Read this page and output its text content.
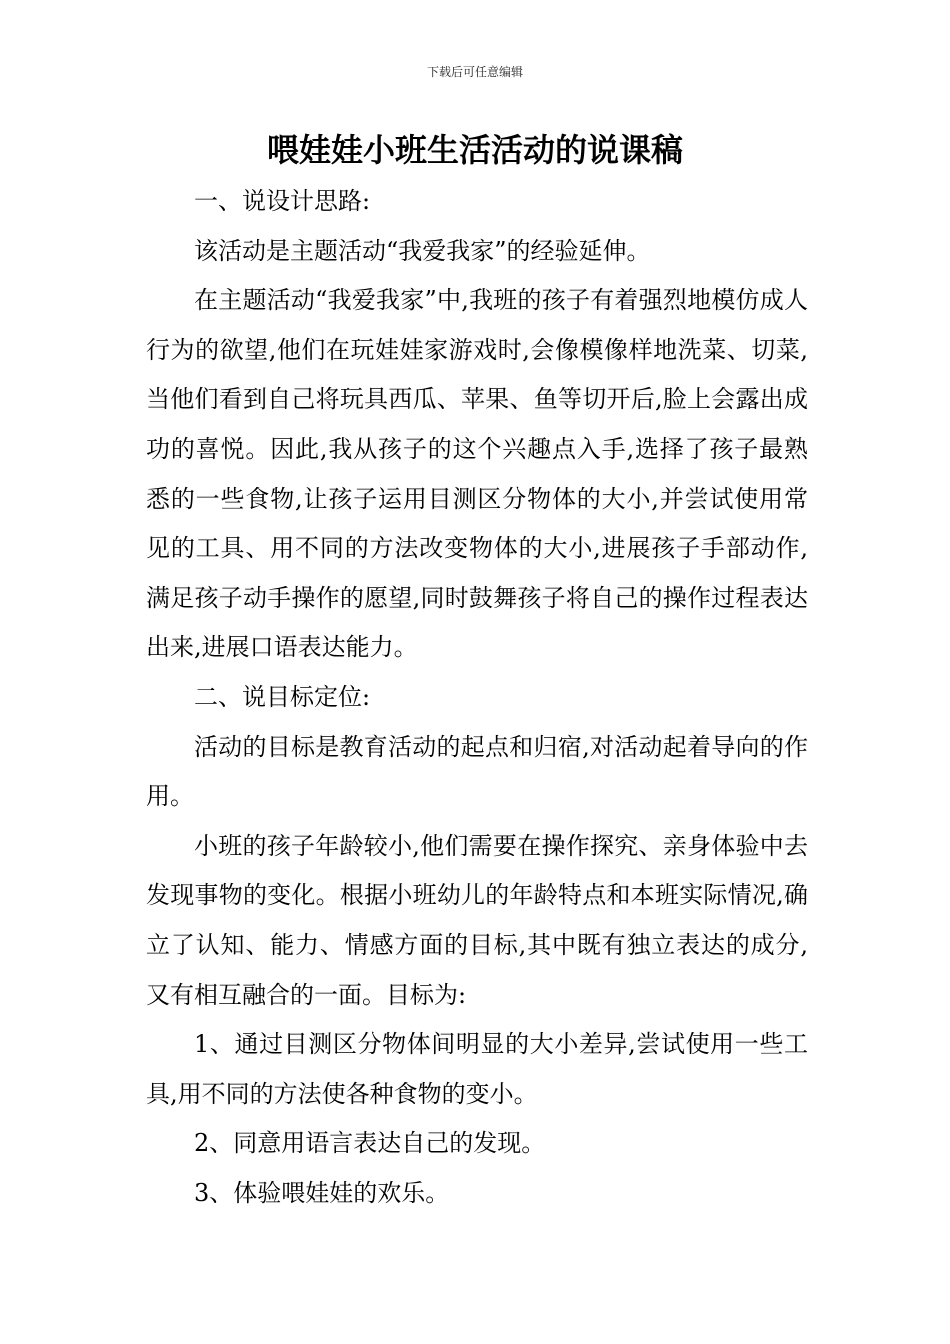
下载后可任意编辑
喂娃娃小班生活活动的说课稿

一、说设计思路:

该活动是主题活动“我爱我家”的经验延伸。

在主题活动“我爱我家”中,我班的孩子有着强烈地模仿成人行为的欲望,他们在玩娃娃家游戏时,会像模像样地洗菜、切菜,当他们看到自己将玩具西瓜、苹果、鱼等切开后,脸上会露出成功的喜悦。因此,我从孩子的这个兴趣点入手,选择了孩子最熟悉的一些食物,让孩子运用目测区分物体的大小,并尝试使用常见的工具、用不同的方法改变物体的大小,进展孩子手部动作,满足孩子动手操作的愿望,同时鼓舞孩子将自己的操作过程表达出来,进展口语表达能力。

二、说目标定位:

活动的目标是教育活动的起点和归宿,对活动起着导向的作用。

小班的孩子年龄较小,他们需要在操作探究、亲身体验中去发现事物的变化。根据小班幼儿的年龄特点和本班实际情况,确立了认知、能力、情感方面的目标,其中既有独立表达的成分,又有相互融合的一面。目标为:

1、通过目测区分物体间明显的大小差异,尝试使用一些工具,用不同的方法使各种食物的变小。

2、同意用语言表达自己的发现。

3、体验喂娃娃的欢乐。
